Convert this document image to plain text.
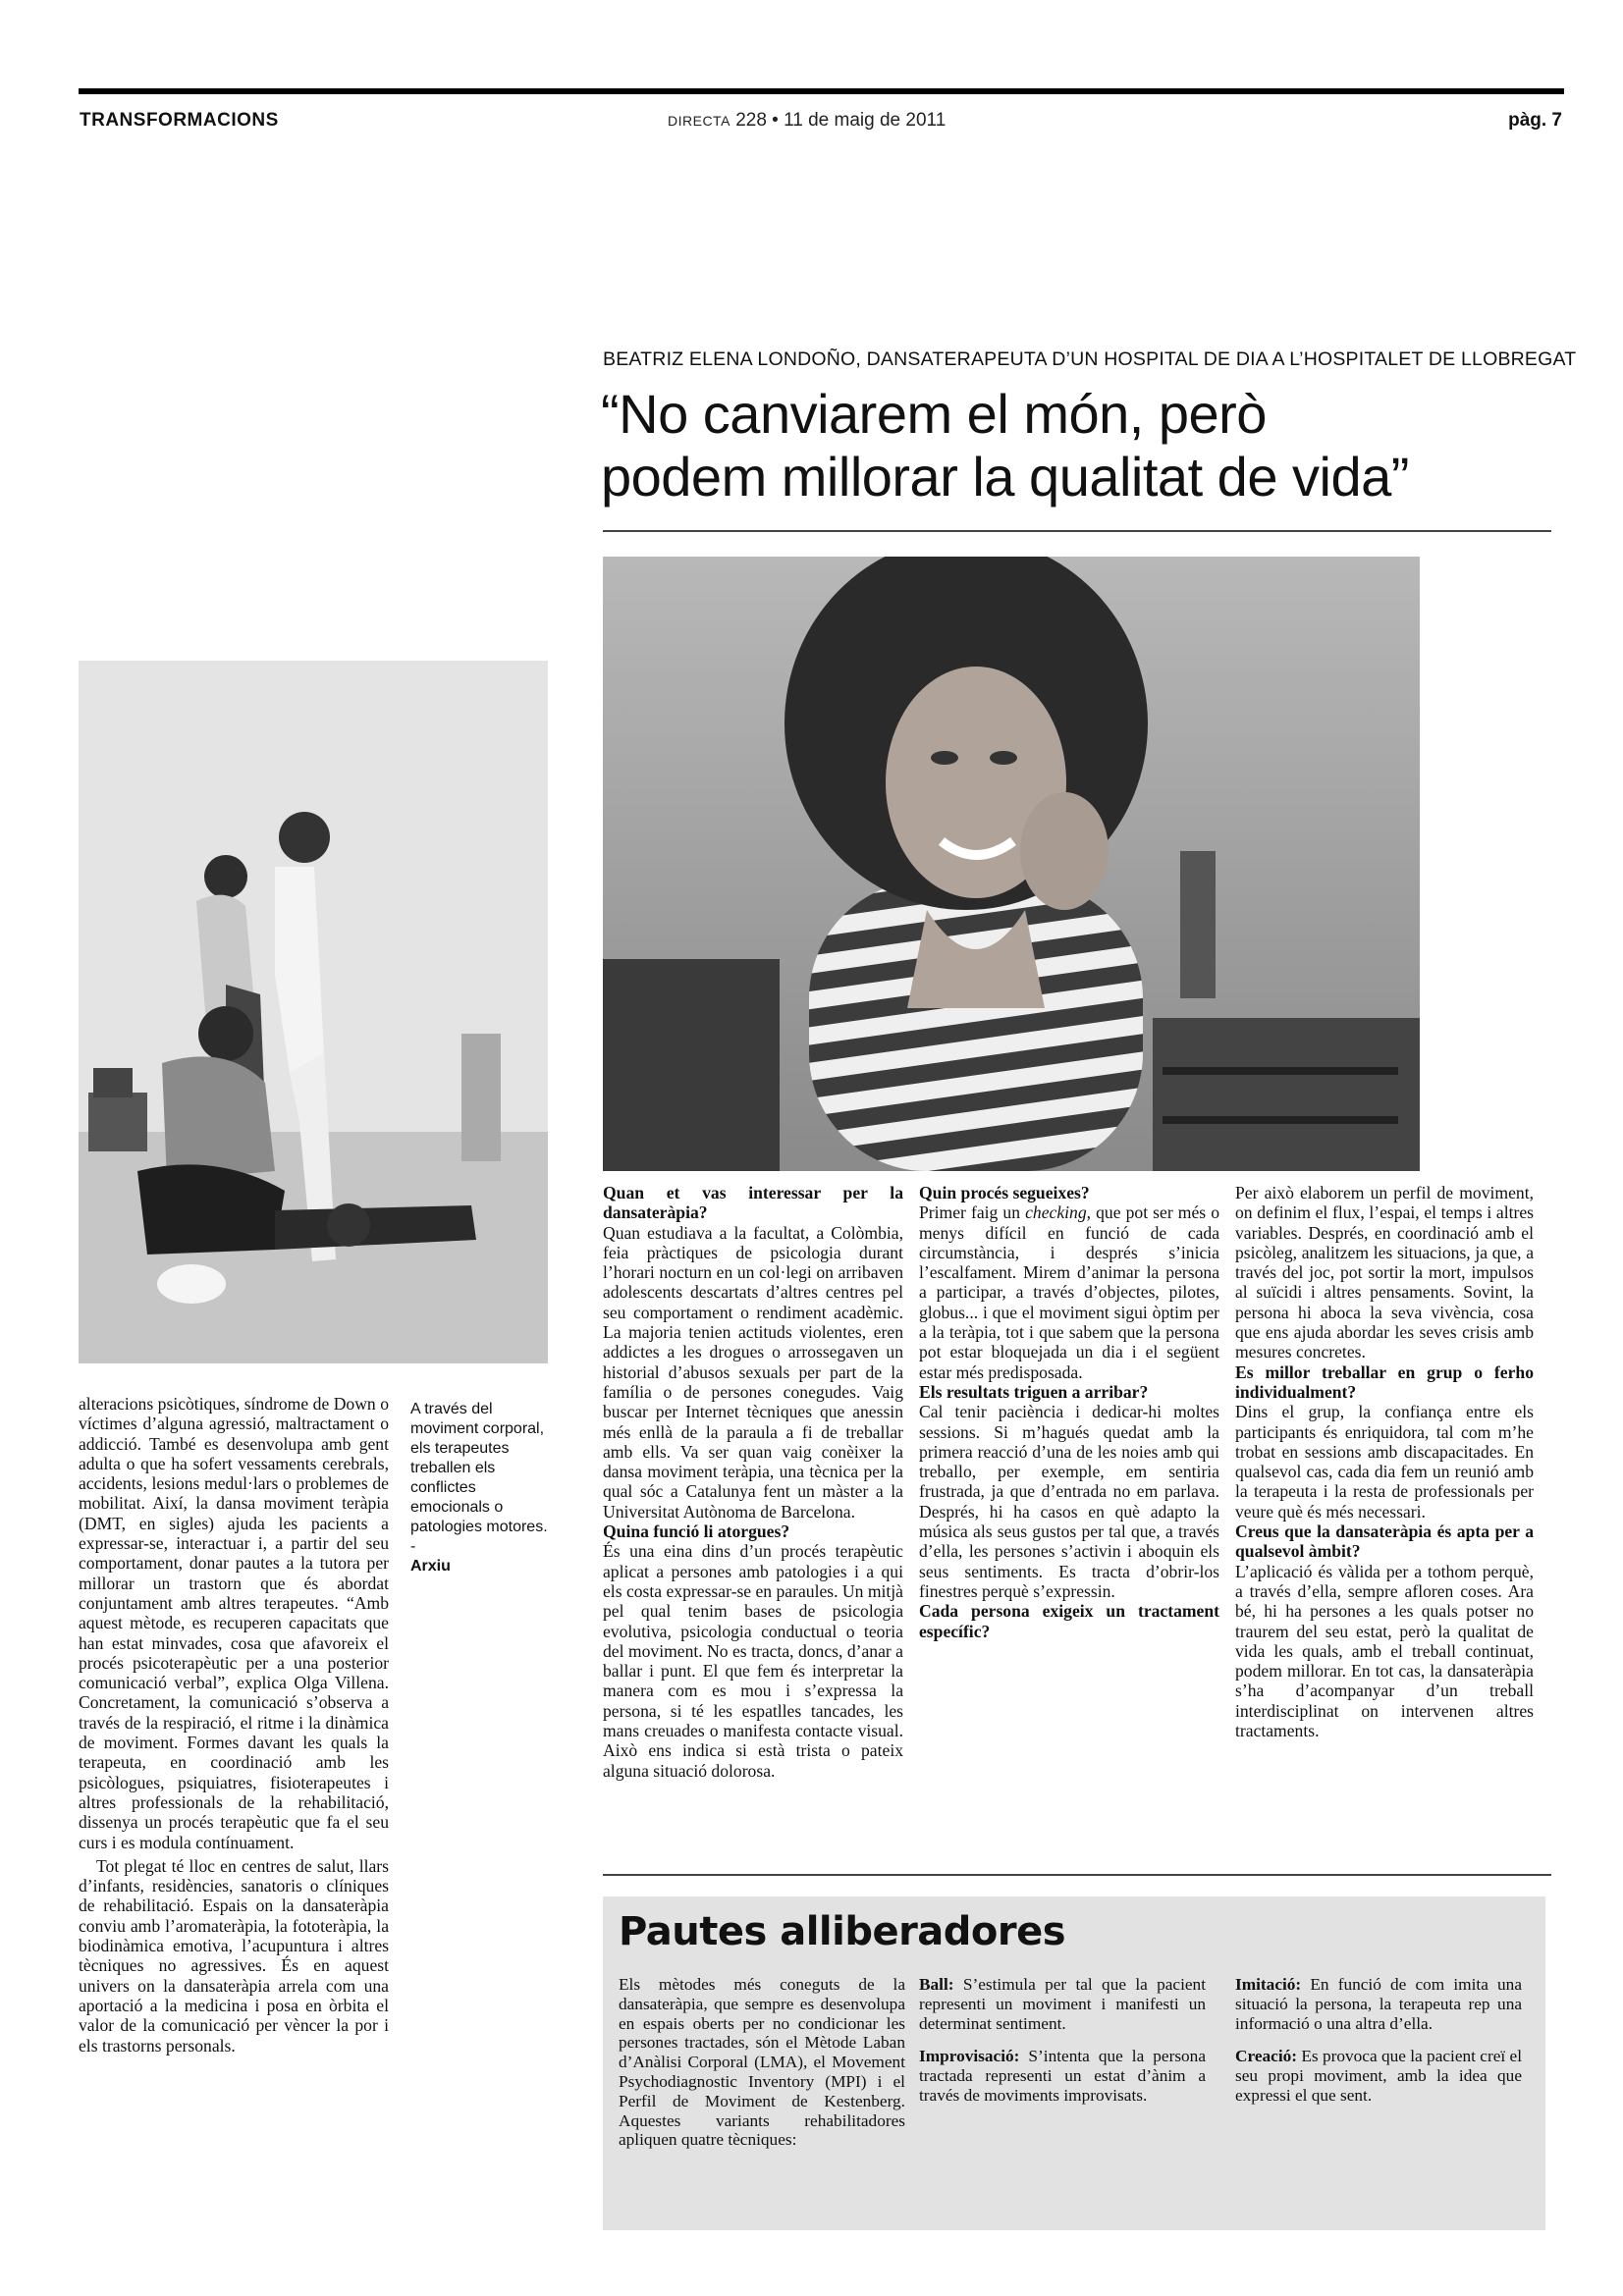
TRANSFORMACIONS	DIRECTA 228 • 11 de maig de 2011	pàg. 7
BEATRIZ ELENA LONDOÑO, DANSATERAPEUTA D’UN HOSPITAL DE DIA A L’HOSPITALET DE LLOBREGAT
“No canviarem el món, però
podem millorar la qualitat de vida”
A través del moviment corporal, els terapeutes treballen els conflictes emocionals o patologies motores.
-
Arxiu

alteracions psicòtiques, síndrome de Down o víctimes d’alguna agressió, maltractament o addicció. També es desenvolupa amb gent adulta o que ha sofert vessaments cerebrals, accidents, lesions medul·lars o problemes de mobilitat. Així, la dansa moviment teràpia (DMT, en sigles) ajuda les pacients a expressar-se, interactuar i, a partir del seu comportament, donar pautes a la tutora per millorar un trastorn que és abordat conjuntament amb altres terapeutes. “Amb aquest mètode, es recuperen capacitats que han estat minvades, cosa que afavoreix el procés psicoterapèutic per a una posterior comunicació verbal”, explica Olga Villena. Concretament, la comunicació s’observa a través de la respiració, el ritme i la dinàmica de moviment. Formes davant les quals la terapeuta, en coordinació amb les psicòlogues, psiquiatres, fisioterapeutes i altres professionals de la rehabilitació, dissenya un procés terapèutic que fa el seu curs i es modula contínuament.

Tot plegat té lloc en centres de salut, llars d’infants, residències, sanatoris o clíniques de rehabilitació. Espais on la dansateràpia conviu amb l’aromateràpia, la fototeràpia, la biodinàmica emotiva, l’acupuntura i altres tècniques no agressives. És en aquest univers on la dansateràpia arrela com una aportació a la medicina i posa en òrbita el valor de la comunicació per vèncer la por i els trastorns personals.

Quan et vas interessar per la dansateràpia?

Quan estudiava a la facultat, a Colòmbia, feia pràctiques de psicologia durant l’horari nocturn en un col·legi on arribaven adolescents descartats d’altres centres pel seu comportament o rendiment acadèmic. La majoria tenien actituds violentes, eren addictes a les drogues o arrossegaven un historial d’abusos sexuals per part de la família o de persones conegudes. Vaig buscar per Internet tècniques que anessin més enllà de la paraula a fi de treballar amb ells. Va ser quan vaig conèixer la dansa moviment teràpia, una tècnica per la qual sóc a Catalunya fent un màster a la Universitat Autònoma de Barcelona.

Quina funció li atorgues?

És una eina dins d’un procés terapèutic aplicat a persones amb patologies i a qui els costa expressar-se en paraules. Un mitjà pel qual tenim bases de psicologia evolutiva, psicologia conductual o teoria del moviment. No es tracta, doncs, d’anar a ballar i punt. El que fem és interpretar la manera com es mou i s’expressa la persona, si té les espatlles tancades, les mans creuades o manifesta contacte visual. Això ens indica si està trista o pateix alguna situació dolorosa.

Quin procés segueixes?

Primer faig un checking, que pot ser més o menys difícil en funció de cada circumstància, i després s’inicia l’escalfament. Mirem d’animar la persona a participar, a través d’objectes, pilotes, globus... i que el moviment sigui òptim per a la teràpia, tot i que sabem que la persona pot estar bloquejada un dia i el següent estar més predisposada.

Els resultats triguen a arribar?

Cal tenir paciència i dedicar-hi moltes sessions. Si m’hagués quedat amb la primera reacció d’una de les noies amb qui treballo, per exemple, em sentiria frustrada, ja que d’entrada no em parlava. Després, hi ha casos en què adapto la música als seus gustos per tal que, a través d’ella, les persones s’activin i aboquin els seus sentiments. Es tracta d’obrir-los finestres perquè s’expressin.

Cada persona exigeix un tractament específic?

Per això elaborem un perfil de moviment, on definim el flux, l’espai, el temps i altres variables. Després, en coordinació amb el psicòleg, analitzem les situacions, ja que, a través del joc, pot sortir la mort, impulsos al suïcidi i altres pensaments. Sovint, la persona hi aboca la seva vivència, cosa que ens ajuda abordar les seves crisis amb mesures concretes.

Es millor treballar en grup o ferho individualment?

Dins el grup, la confiança entre els participants és enriquidora, tal com m’he trobat en sessions amb discapacitades. En qualsevol cas, cada dia fem un reunió amb la terapeuta i la resta de professionals per veure què és més necessari.

Creus que la dansateràpia és apta per a qualsevol àmbit?

L’aplicació és vàlida per a tothom perquè, a través d’ella, sempre afloren coses. Ara bé, hi ha persones a les quals potser no traurem del seu estat, però la qualitat de vida les quals, amb el treball continuat, podem millorar. En tot cas, la dansateràpia s’ha d’acompanyar d’un treball interdisciplinat on intervenen altres tractaments.

Pautes alliberadores

Els mètodes més coneguts de la dansateràpia, que sempre es desenvolupa en espais oberts per no condicionar les persones tractades, són el Mètode Laban d’Anàlisi Corporal (LMA), el Movement Psychodiagnostic Inventory (MPI) i el Perfil de Moviment de Kestenberg. Aquestes variants rehabilitadores apliquen quatre tècniques:

Ball: S’estimula per tal que la pacient representi un moviment i manifesti un determinat sentiment.

Improvisació: S’intenta que la persona tractada representi un estat d’ànim a través de moviments improvisats.

Imitació: En funció de com imita una situació la persona, la terapeuta rep una informació o una altra d’ella.

Creació: Es provoca que la pacient creï el seu propi moviment, amb la idea que expressi el que sent.
